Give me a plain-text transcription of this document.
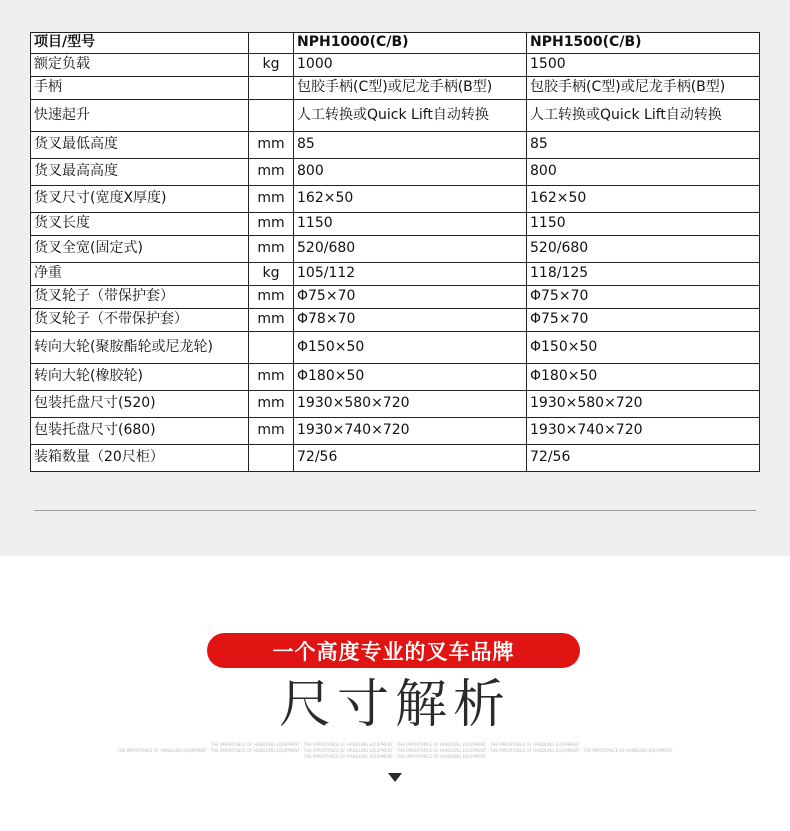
项目/型号		NPH1000(C/B)	NPH1500(C/B)
额定负载	kg	1000	1500
手柄		包胶手柄(C型)或尼龙手柄(B型)	包胶手柄(C型)或尼龙手柄(B型)
快速起升		人工转换或Quick Lift自动转换	人工转换或Quick Lift自动转换
货叉最低高度	mm	85	85
货叉最高高度	mm	800	800
货叉尺寸(宽度X厚度)	mm	162×50	162×50
货叉长度	mm	1150	1150
货叉全宽(固定式)	mm	520/680	520/680
净重	kg	105/112	118/125
货叉轮子（带保护套）	mm	Φ75×70	Φ75×70
货叉轮子（不带保护套）	mm	Φ78×70	Φ75×70
转向大轮(聚胺酯轮或尼龙轮)		Φ150×50	Φ150×50
转向大轮(橡胶轮)	mm	Φ180×50	Φ180×50
包装托盘尺寸(520)	mm	1930×580×720	1930×580×720
包装托盘尺寸(680)	mm	1930×740×720	1930×740×720
装箱数量（20尺柜）		72/56	72/56
一个高度专业的叉车品牌
尺寸解析
THE IMPORTANCE OF HANDLING EQUIPMENT · THE IMPORTANCE OF HANDLING EQUIPMENT · THE IMPORTANCE OF HANDLING EQUIPMENT · THE IMPORTANCE OF HANDLING EQUIPMENT
THE IMPORTANCE OF HANDLING EQUIPMENT · THE IMPORTANCE OF HANDLING EQUIPMENT · THE IMPORTANCE OF HANDLING EQUIPMENT · THE IMPORTANCE OF HANDLING EQUIPMENT · THE IMPORTANCE OF HANDLING EQUIPMENT · THE IMPORTANCE OF HANDLING EQUIPMENT
THE IMPORTANCE OF HANDLING EQUIPMENT · THE IMPORTANCE OF HANDLING EQUIPMENT
